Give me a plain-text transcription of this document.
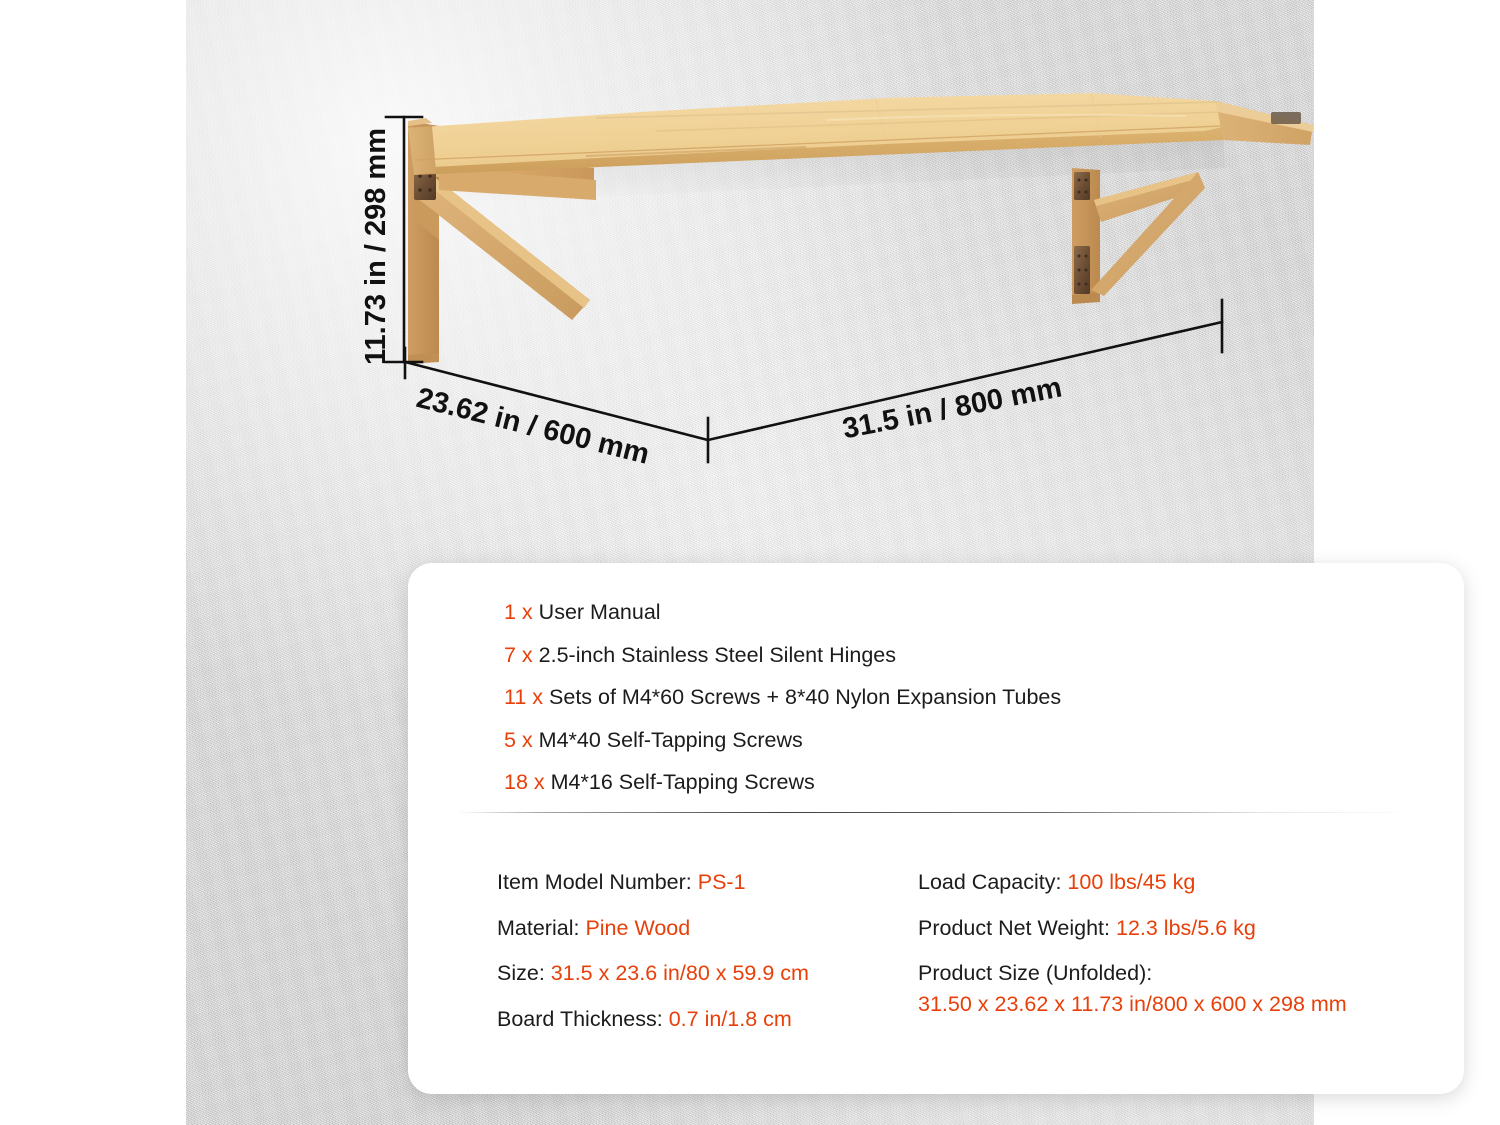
11.73 in / 298 mm
23.62 in / 600 mm	31.5 in / 800 mm
1 x User Manual
7 x 2.5-inch Stainless Steel Silent Hinges
11 x Sets of M4*60 Screws + 8*40 Nylon Expansion Tubes
5 x M4*40 Self-Tapping Screws
18 x M4*16 Self-Tapping Screws
Item Model Number: PS-1
Material: Pine Wood
Size: 31.5 x 23.6 in/80 x 59.9 cm
Board Thickness: 0.7 in/1.8 cm
Load Capacity: 100 lbs/45 kg
Product Net Weight: 12.3 lbs/5.6 kg
Product Size (Unfolded):
31.50 x 23.62 x 11.73 in/800 x 600 x 298 mm
